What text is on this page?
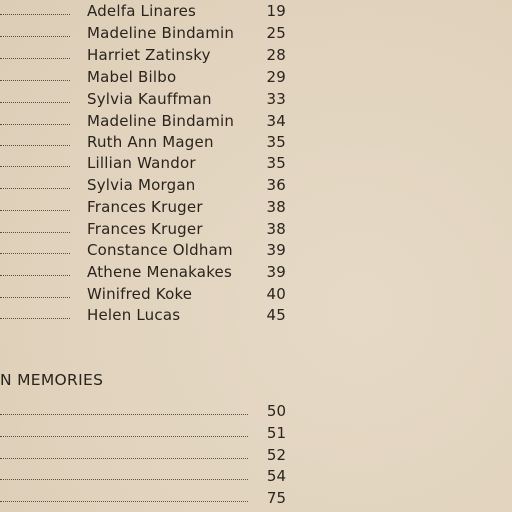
Adelfa Linares	19
Madeline Bindamin	25
Harriet Zatinsky	28
Mabel Bilbo	29
Sylvia Kauffman	33
Madeline Bindamin	34
Ruth Ann Magen	35
Lillian Wandor	35
Sylvia Morgan	36
Frances Kruger	38
Frances Kruger	38
Constance Oldham	39
Athene Menakakes	39
Winifred Koke	40
Helen Lucas	45
N MEMORIES
50
51
52
54
75
